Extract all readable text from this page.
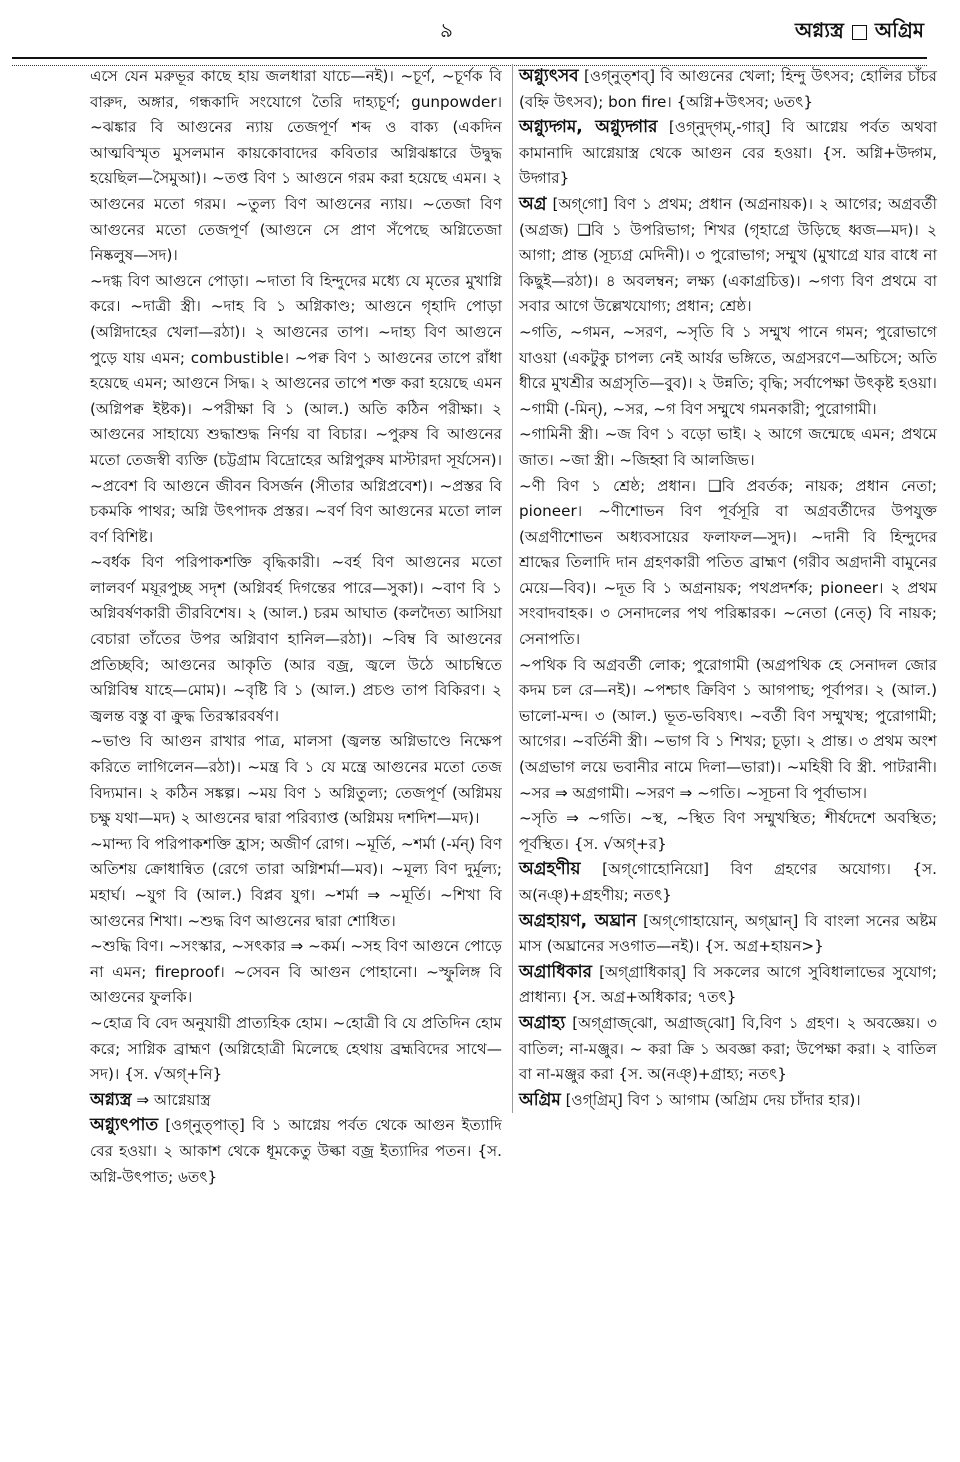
৯	অগ্ন্যস্ত্র অগ্রিম

এসে যেন মরুভূর কাছে হায় জলধারা যাচে—নই)। ~চূর্ণ, ~চূর্ণক বি বারুদ, অঙ্গার, গন্ধকাদি সংযোগে তৈরি দাহ্যচূর্ণ; gunpowder। ~ঝঙ্কার বি আগুনের ন্যায় তেজপূর্ণ শব্দ ও বাক্য (একদিন আত্মবিস্মৃত মুসলমান কায়কোবাদের কবিতার অগ্নিঝঙ্কারে উদ্বুদ্ধ হয়েছিল—সৈমুআ)। ~তপ্ত বিণ ১ আগুনে গরম করা হয়েছে এমন। ২ আগুনের মতো গরম। ~তুল্য বিণ আগুনের ন্যায়। ~তেজা বিণ আগুনের মতো তেজপূর্ণ (আগুনে সে প্রাণ সঁপেছে অগ্নিতেজা নিষ্কলুষ—সদ)।

~দগ্ধ বিণ আগুনে পোড়া। ~দাতা বি হিন্দুদের মধ্যে যে মৃতের মুখাগ্নি করে। ~দাত্রী স্ত্রী। ~দাহ বি ১ অগ্নিকাণ্ড; আগুনে গৃহাদি পোড়া (অগ্নিদাহের খেলা—রঠা)। ২ আগুনের তাপ। ~দাহ্য বিণ আগুনে পুড়ে যায় এমন; combustible। ~পক্ব বিণ ১ আগুনের তাপে রাঁধা হয়েছে এমন; আগুনে সিদ্ধ। ২ আগুনের তাপে শক্ত করা হয়েছে এমন (অগ্নিপক্ব ইষ্টক)। ~পরীক্ষা বি ১ (আল.) অতি কঠিন পরীক্ষা। ২ আগুনের সাহায্যে শুদ্ধাশুদ্ধ নির্ণয় বা বিচার। ~পুরুষ বি আগুনের মতো তেজস্বী ব্যক্তি (চট্টগ্রাম বিদ্রোহের অগ্নিপুরুষ মাস্টারদা সূর্যসেন)। ~প্রবেশ বি আগুনে জীবন বিসর্জন (সীতার অগ্নিপ্রবেশ)। ~প্রস্তর বি চকমকি পাথর; অগ্নি উৎপাদক প্রস্তর। ~বর্ণ বিণ আগুনের মতো লাল বর্ণ বিশিষ্ট।

~বর্ধক বিণ পরিপাকশক্তি বৃদ্ধিকারী। ~বর্হ বিণ আগুনের মতো লালবর্ণ ময়ূরপুচ্ছ সদৃশ (অগ্নিবর্হ দিগন্তের পারে—সুকা)। ~বাণ বি ১ অগ্নিবর্ষণকারী তীরবিশেষ। ২ (আল.) চরম আঘাত (কলদৈত্য আসিয়া বেচারা তাঁতের উপর অগ্নিবাণ হানিল—রঠা)। ~বিম্ব বি আগুনের প্রতিচ্ছবি; আগুনের আকৃতি (আর বজ্র, জ্বলে উঠে আচম্বিতে অগ্নিবিম্ব যাহে—মোম)। ~বৃষ্টি বি ১ (আল.) প্রচণ্ড তাপ বিকিরণ। ২ জ্বলন্ত বস্তু বা ক্রুদ্ধ তিরস্কারবর্ষণ।

~ভাণ্ড বি আগুন রাখার পাত্র, মালসা (জ্বলন্ত অগ্নিভাণ্ডে নিক্ষেপ করিতে লাগিলেন—রঠা)। ~মন্ত্র বি ১ যে মন্ত্রে আগুনের মতো তেজ বিদ্যমান। ২ কঠিন সঙ্কল্প। ~ময় বিণ ১ অগ্নিতুল্য; তেজপূর্ণ (অগ্নিময় চক্ষু যথা—মদ) ২ আগুনের দ্বারা পরিব্যাপ্ত (অগ্নিময় দশদিশ—মদ)।

~মান্দ্য বি পরিপাকশক্তি হ্রাস; অজীর্ণ রোগ। ~মূর্তি, ~শর্মা (-র্মন্) বিণ অতিশয় ক্রোধান্বিত (রেগে তারা অগ্নিশর্মা—মব)। ~মূল্য বিণ দুর্মূল্য; মহার্ঘ। ~যুগ বি (আল.) বিপ্লব যুগ। ~শর্মা ⇒ ~মূর্তি। ~শিখা বি আগুনের শিখা। ~শুদ্ধ বিণ আগুনের দ্বারা শোধিত।

~শুদ্ধি বিণ। ~সংস্কার, ~সৎকার ⇒ ~কর্ম। ~সহ বিণ আগুনে পোড়ে না এমন; fireproof। ~সেবন বি আগুন পোহানো। ~স্ফুলিঙ্গ বি আগুনের ফুলকি।

~হোত্র বি বেদ অনুযায়ী প্রাত্যহিক হোম। ~হোত্রী বি যে প্রতিদিন হোম করে; সাগ্নিক ব্রাহ্মণ (অগ্নিহোত্রী মিলেছে হেথায় ব্রহ্মবিদের সাথে—সদ)। {স. √অগ্+নি}

অগ্ন্যস্ত্র ⇒ আগ্নেয়াস্ত্র

অগ্ন্যুৎপাত [ওগ্‌নুত্‌পাত্] বি ১ আগ্নেয় পর্বত থেকে আগুন ইত্যাদি বের হওয়া। ২ আকাশ থেকে ধূমকেতু উল্কা বজ্র ইত্যাদির পতন। {স. অগ্নি-উৎপাত; ৬তৎ}

অগ্ন্যুৎসব [ওগ্‌নুত্‌শব্] বি আগুনের খেলা; হিন্দু উৎসব; হোলির চাঁচর (বহ্নি উৎসব); bon fire। {অগ্নি+উৎসব; ৬তৎ}

অগ্ন্যুদ্গম, অগ্ন্যুদ্গার [ওগ্‌নুদ্‌গম্,-গার্] বি আগ্নেয় পর্বত অথবা কামানাদি আগ্নেয়াস্ত্র থেকে আগুন বের হওয়া। {স. অগ্নি+উদ্গম, উদ্গার}

অগ্র [অগ্‌গো] বিণ ১ প্রথম; প্রধান (অগ্রনায়ক)। ২ আগের; অগ্রবর্তী (অগ্রজ) ❑বি ১ উপরিভাগ; শিখর (গৃহাগ্রে উড়িছে ধ্বজ—মদ)। ২ আগা; প্রান্ত (সূচ্যগ্র মেদিনী)। ৩ পুরোভাগ; সম্মুখ (মুখাগ্রে যার বাধে না কিছুই—রঠা)। ৪ অবলম্বন; লক্ষ্য (একাগ্রচিত্ত)। ~গণ্য বিণ প্রথমে বা সবার আগে উল্লেখযোগ্য; প্রধান; শ্রেষ্ঠ।

~গতি, ~গমন, ~সরণ, ~সৃতি বি ১ সম্মুখ পানে গমন; পুরোভাগে যাওয়া (একটুকু চাপল্য নেই আর্যর ভঙ্গিতে, অগ্রসরণে—অচিসে; অতি ধীরে মুখশ্রীর অগ্রসৃতি—বুব)। ২ উন্নতি; বৃদ্ধি; সর্বাপেক্ষা উৎকৃষ্ট হওয়া। ~গামী (-মিন্), ~সর, ~গ বিণ সম্মুখে গমনকারী; পুরোগামী।

~গামিনী স্ত্রী। ~জ বিণ ১ বড়ো ভাই। ২ আগে জন্মেছে এমন; প্রথমে জাত। ~জা স্ত্রী। ~জিহ্বা বি আলজিভ।

~ণী বিণ ১ শ্রেষ্ঠ; প্রধান। ❑বি প্রবর্তক; নায়ক; প্রধান নেতা; pioneer। ~ণীশোভন বিণ পূর্বসূরি বা অগ্রবর্তীদের উপযুক্ত (অগ্রণীশোভন অধ্যবসায়ের ফলাফল—সুদ)। ~দানী বি হিন্দুদের শ্রাদ্ধের তিলাদি দান গ্রহণকারী পতিত ব্রাহ্মণ (গরীব অগ্রদানী বামুনের মেয়ে—বিব)। ~দূত বি ১ অগ্রনায়ক; পথপ্রদর্শক; pioneer। ২ প্রথম সংবাদবাহক। ৩ সেনাদলের পথ পরিষ্কারক। ~নেতা (নেত্) বি নায়ক; সেনাপতি।

~পথিক বি অগ্রবর্তী লোক; পুরোগামী (অগ্রপথিক হে সেনাদল জোর কদম চল রে—নই)। ~পশ্চাৎ ক্রিবিণ ১ আগপাছ; পূর্বাপর। ২ (আল.) ভালো-মন্দ। ৩ (আল.) ভূত-ভবিষ্যৎ। ~বর্তী বিণ সম্মুখস্থ; পুরোগামী; আগের। ~বর্তিনী স্ত্রী। ~ভাগ বি ১ শিখর; চূড়া। ২ প্রান্ত। ৩ প্রথম অংশ (অগ্রভাগ লয়ে ভবানীর নামে দিলা—ভারা)। ~মহিষী বি স্ত্রী. পাটরানী। ~সর ⇒ অগ্রগামী। ~সরণ ⇒ ~গতি। ~সূচনা বি পূর্বাভাস।

~সৃতি ⇒ ~গতি। ~স্থ, ~স্থিত বিণ সম্মুখস্থিত; শীর্ষদেশে অবস্থিত; পূর্বস্থিত। {স. √অগ্+র}

অগ্রহণীয় [অগ্‌গোহোনিয়ো] বিণ গ্রহণের অযোগ্য। {স. অ(নঞ্)+গ্রহণীয়; নতৎ}

অগ্রহায়ণ, অঘ্রান [অগ্‌গোহায়োন্, অগ্‌ঘ্রান্] বি বাংলা সনের অষ্টম মাস (অঘ্রানের সওগাত—নই)। {স. অগ্র+হায়ন>}

অগ্রাধিকার [অগ্‌গ্রাধিকার্] বি সকলের আগে সুবিধালাভের সুযোগ; প্রাধান্য। {স. অগ্র+অধিকার; ৭তৎ}

অগ্রাহ্য [অগ্‌গ্রাজ্‌ঝো, অগ্রাজ্‌ঝো] বি,বিণ ১ গ্রহণ। ২ অবজ্ঞেয়। ৩ বাতিল; না-মঞ্জুর। ~ করা ক্রি ১ অবজ্ঞা করা; উপেক্ষা করা। ২ বাতিল বা না-মঞ্জুর করা {স. অ(নঞ্)+গ্রাহ্য; নতৎ}

অগ্রিম [ওগ্‌গ্রিম্] বিণ ১ আগাম (অগ্রিম দেয় চাঁদার হার)।
